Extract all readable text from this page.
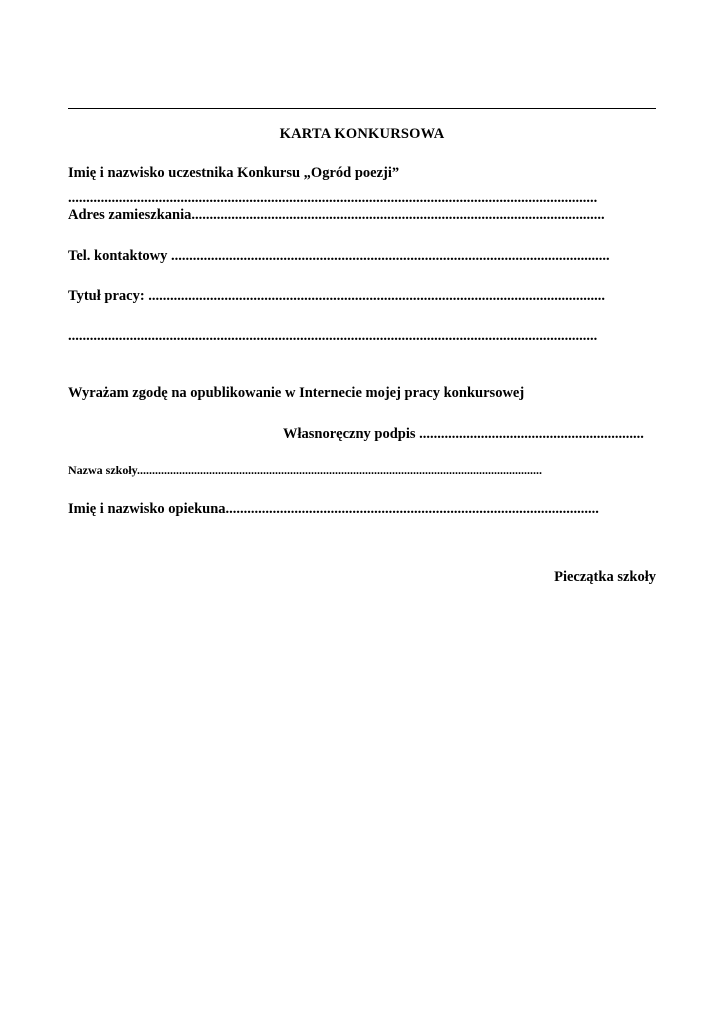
KARTA KONKURSOWA
Imię i nazwisko uczestnika Konkursu „Ogród poezji”
..................................................................................................................................................
Adres zamieszkania..................................................................................................................
Tel. kontaktowy .........................................................................................................................
Tytuł pracy: ..............................................................................................................................
..................................................................................................................................................
Wyrażam zgodę na opublikowanie w Internecie mojej pracy konkursowej
Własnoręczny podpis ..............................................................
Nazwa szkoły.......................................................................................................................................
Imię i nazwisko opiekuna.......................................................................................................
Pieczątka szkoły
